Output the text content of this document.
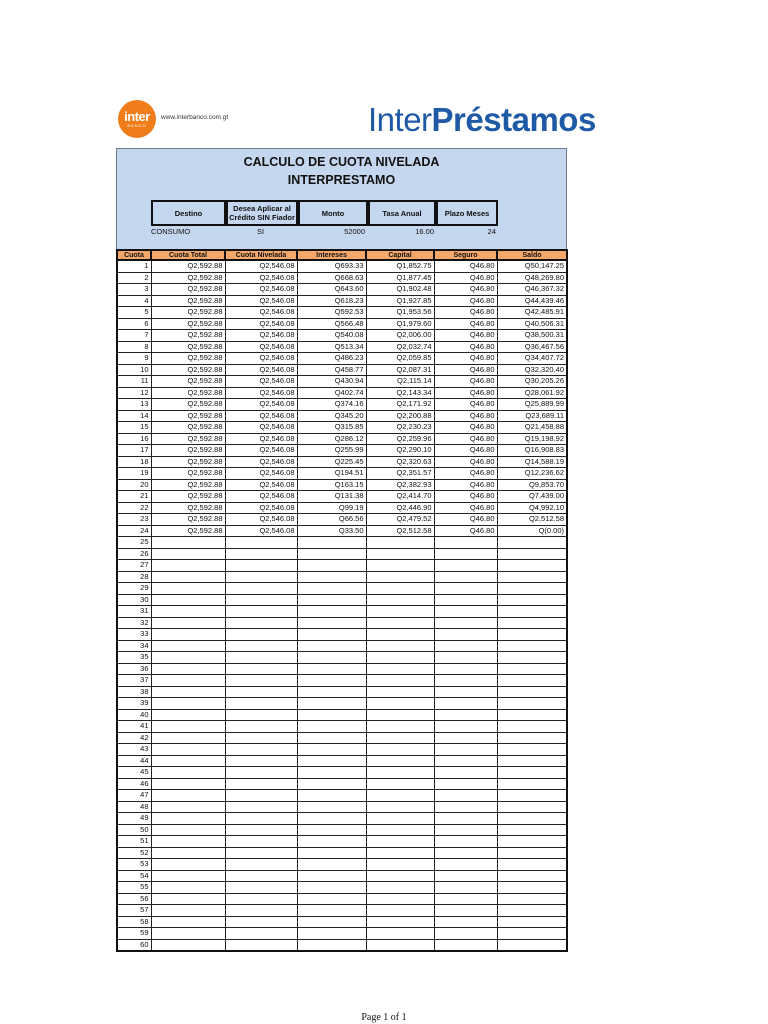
inter
BANCO
www.interbanco.com.gt	InterPréstamos
CALCULO DE CUOTA NIVELADA
INTERPRESTAMO
Destino	Desea Aplicar al
Crédito SIN Fiador	Monto	Tasa Anual	Plazo Meses
CONSUMO	SI	52000	16.00	24
Cuota	Cuota Total	Cuota Nivelada	Intereses	Capital	Seguro	Saldo
1	Q2,592.88	Q2,546.08	Q693.33	Q1,852.75	Q46.80	Q50,147.25
2	Q2,592.88	Q2,546.08	Q668.63	Q1,877.45	Q46.80	Q48,269.80
3	Q2,592.88	Q2,546.08	Q643.60	Q1,902.48	Q46.80	Q46,367.32
4	Q2,592.88	Q2,546.08	Q618.23	Q1,927.85	Q46.80	Q44,439.46
5	Q2,592.88	Q2,546.08	Q592.53	Q1,953.56	Q46.80	Q42,485.91
6	Q2,592.88	Q2,546.08	Q566.48	Q1,979.60	Q46.80	Q40,506.31
7	Q2,592.88	Q2,546.08	Q540.08	Q2,006.00	Q46.80	Q38,500.31
8	Q2,592.88	Q2,546.08	Q513.34	Q2,032.74	Q46.80	Q36,467.56
9	Q2,592.88	Q2,546.08	Q486.23	Q2,059.85	Q46.80	Q34,407.72
10	Q2,592.88	Q2,546.08	Q458.77	Q2,087.31	Q46.80	Q32,320.40
11	Q2,592.88	Q2,546.08	Q430.94	Q2,115.14	Q46.80	Q30,205.26
12	Q2,592.88	Q2,546.08	Q402.74	Q2,143.34	Q46.80	Q28,061.92
13	Q2,592.88	Q2,546.08	Q374.16	Q2,171.92	Q46.80	Q25,889.99
14	Q2,592.88	Q2,546.08	Q345.20	Q2,200.88	Q46.80	Q23,689.11
15	Q2,592.88	Q2,546.08	Q315.85	Q2,230.23	Q46.80	Q21,458.88
16	Q2,592.88	Q2,546.08	Q286.12	Q2,259.96	Q46.80	Q19,198.92
17	Q2,592.88	Q2,546.08	Q255.99	Q2,290.10	Q46.80	Q16,908.83
18	Q2,592.88	Q2,546.08	Q225.45	Q2,320.63	Q46.80	Q14,588.19
19	Q2,592.88	Q2,546.08	Q194.51	Q2,351.57	Q46.80	Q12,236.62
20	Q2,592.88	Q2,546.08	Q163.15	Q2,382.93	Q46.80	Q9,853.70
21	Q2,592.88	Q2,546.08	Q131.38	Q2,414.70	Q46.80	Q7,439.00
22	Q2,592.88	Q2,546.08	Q99.19	Q2,446.90	Q46.80	Q4,992.10
23	Q2,592.88	Q2,546.08	Q66.56	Q2,479.52	Q46.80	Q2,512.58
24	Q2,592.88	Q2,546.08	Q33.50	Q2,512.58	Q46.80	Q(0.00)
25						
26						
27						
28						
29						
30						
31						
32						
33						
34						
35						
36						
37						
38						
39						
40						
41						
42						
43						
44						
45						
46						
47						
48						
49						
50						
51						
52						
53						
54						
55						
56						
57						
58						
59						
60						
Page 1 of 1
